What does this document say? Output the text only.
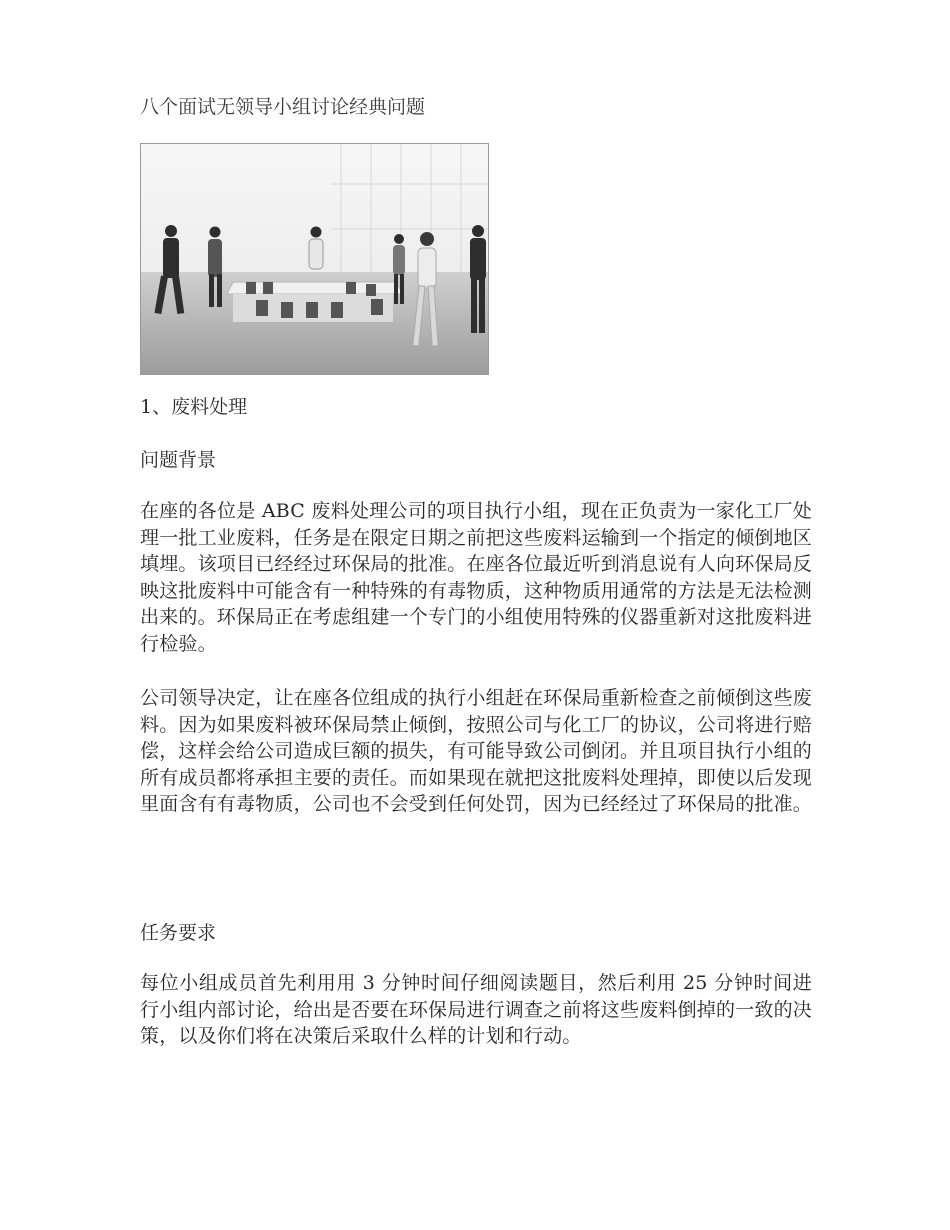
八个面试无领导小组讨论经典问题
1、废料处理
问题背景
在座的各位是 ABC 废料处理公司的项目执行小组，现在正负责为一家化工厂处理一批工业废料，任务是在限定日期之前把这些废料运输到一个指定的倾倒地区填埋。该项目已经经过环保局的批准。在座各位最近听到消息说有人向环保局反映这批废料中可能含有一种特殊的有毒物质，这种物质用通常的方法是无法检测出来的。环保局正在考虑组建一个专门的小组使用特殊的仪器重新对这批废料进行检验。
公司领导决定，让在座各位组成的执行小组赶在环保局重新检查之前倾倒这些废料。因为如果废料被环保局禁止倾倒，按照公司与化工厂的协议，公司将进行赔偿，这样会给公司造成巨额的损失，有可能导致公司倒闭。并且项目执行小组的所有成员都将承担主要的责任。而如果现在就把这批废料处理掉，即使以后发现里面含有有毒物质，公司也不会受到任何处罚，因为已经经过了环保局的批准。
任务要求
每位小组成员首先利用用 3 分钟时间仔细阅读题目，然后利用 25 分钟时间进行小组内部讨论，给出是否要在环保局进行调查之前将这些废料倒掉的一致的决策，以及你们将在决策后采取什么样的计划和行动。
